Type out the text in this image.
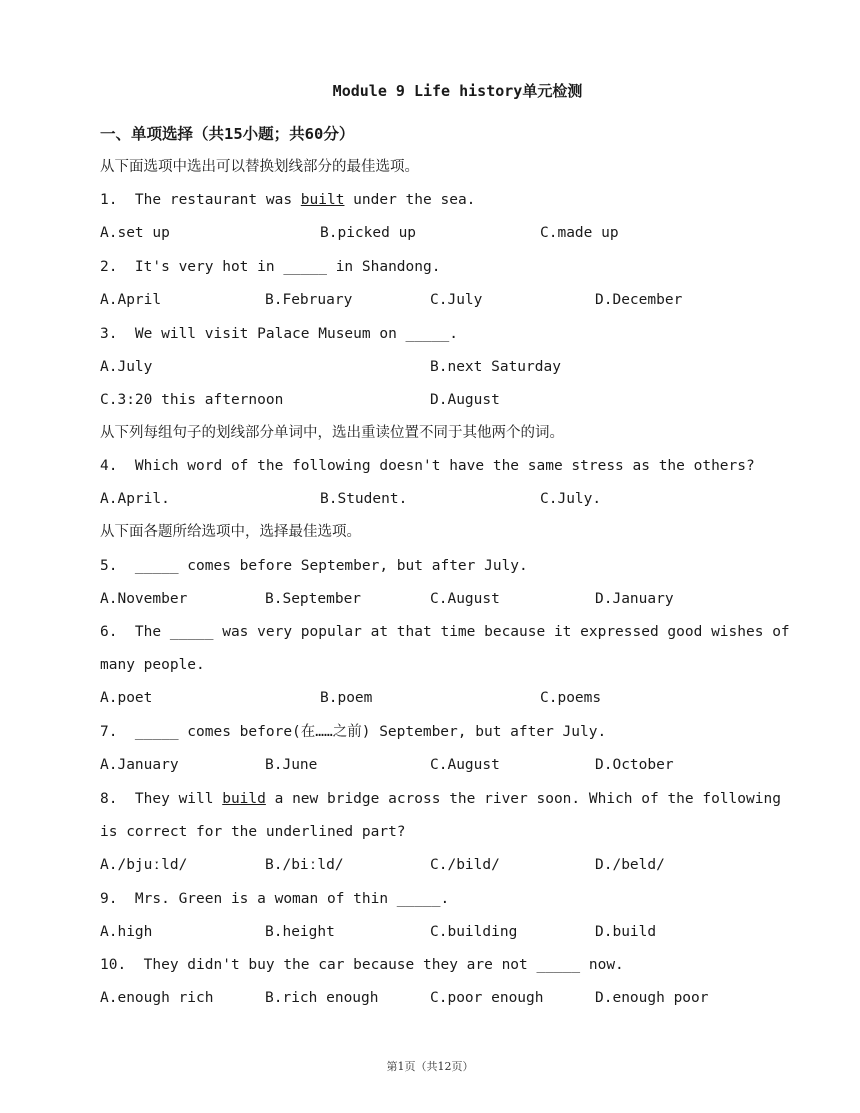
Module 9 Life history单元检测
一、单项选择（共15小题；共60分）
从下面选项中选出可以替换划线部分的最佳选项。
1.  The restaurant was built under the sea.
A.set up	B.picked up	C.made up
2.  It's very hot in _____ in Shandong.
A.April	B.February	C.July	D.December
3.  We will visit Palace Museum on _____.
A.July	B.next Saturday
C.3:20 this afternoon	D.August
从下列每组句子的划线部分单词中，选出重读位置不同于其他两个的词。
4.  Which word of the following doesn't have the same stress as the others?
A.April.	B.Student.	C.July.
从下面各题所给选项中，选择最佳选项。
5.  _____ comes before September, but after July.
A.November	B.September	C.August	D.January
6.  The _____ was very popular at that time because it expressed good wishes of
many people.
A.poet	B.poem	C.poems
7.  _____ comes before(在……之前) September, but after July.
A.January	B.June	C.August	D.October
8.  They will build a new bridge across the river soon. Which of the following
is correct for the underlined part?
A./bjuːld/	B./biːld/	C./bild/	D./beld/
9.  Mrs. Green is a woman of thin _____.
A.high	B.height	C.building	D.build
10.  They didn't buy the car because they are not _____ now.
A.enough rich	B.rich enough	C.poor enough	D.enough poor
第1页（共12页）
